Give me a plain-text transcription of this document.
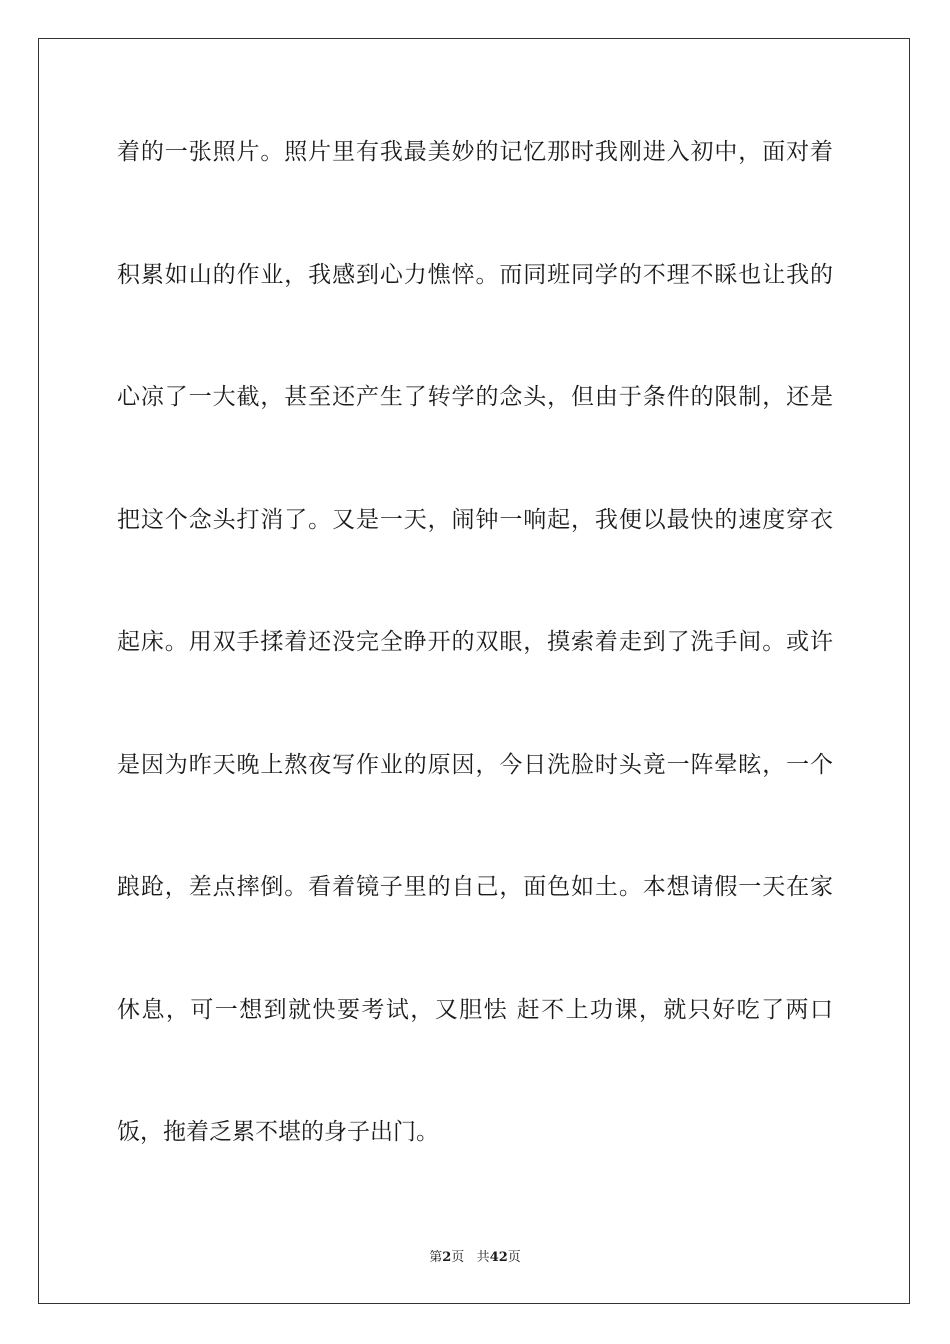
着的一张照片。照片里有我最美妙的记忆那时我刚进入初中，面对着
积累如山的作业，我感到心力憔悴。而同班同学的不理不睬也让我的
心凉了一大截，甚至还产生了转学的念头，但由于条件的限制，还是
把这个念头打消了。又是一天，闹钟一响起，我便以最快的速度穿衣
起床。用双手揉着还没完全睁开的双眼，摸索着走到了洗手间。或许
是因为昨天晚上熬夜写作业的原因，今日洗脸时头竟一阵晕眩，一个
踉跄，差点摔倒。看着镜子里的自己，面色如土。本想请假一天在家
休息，可一想到就快要考试，又胆怯 赶不上功课，就只好吃了两口
饭，拖着乏累不堪的身子出门。
第2页 共42页
